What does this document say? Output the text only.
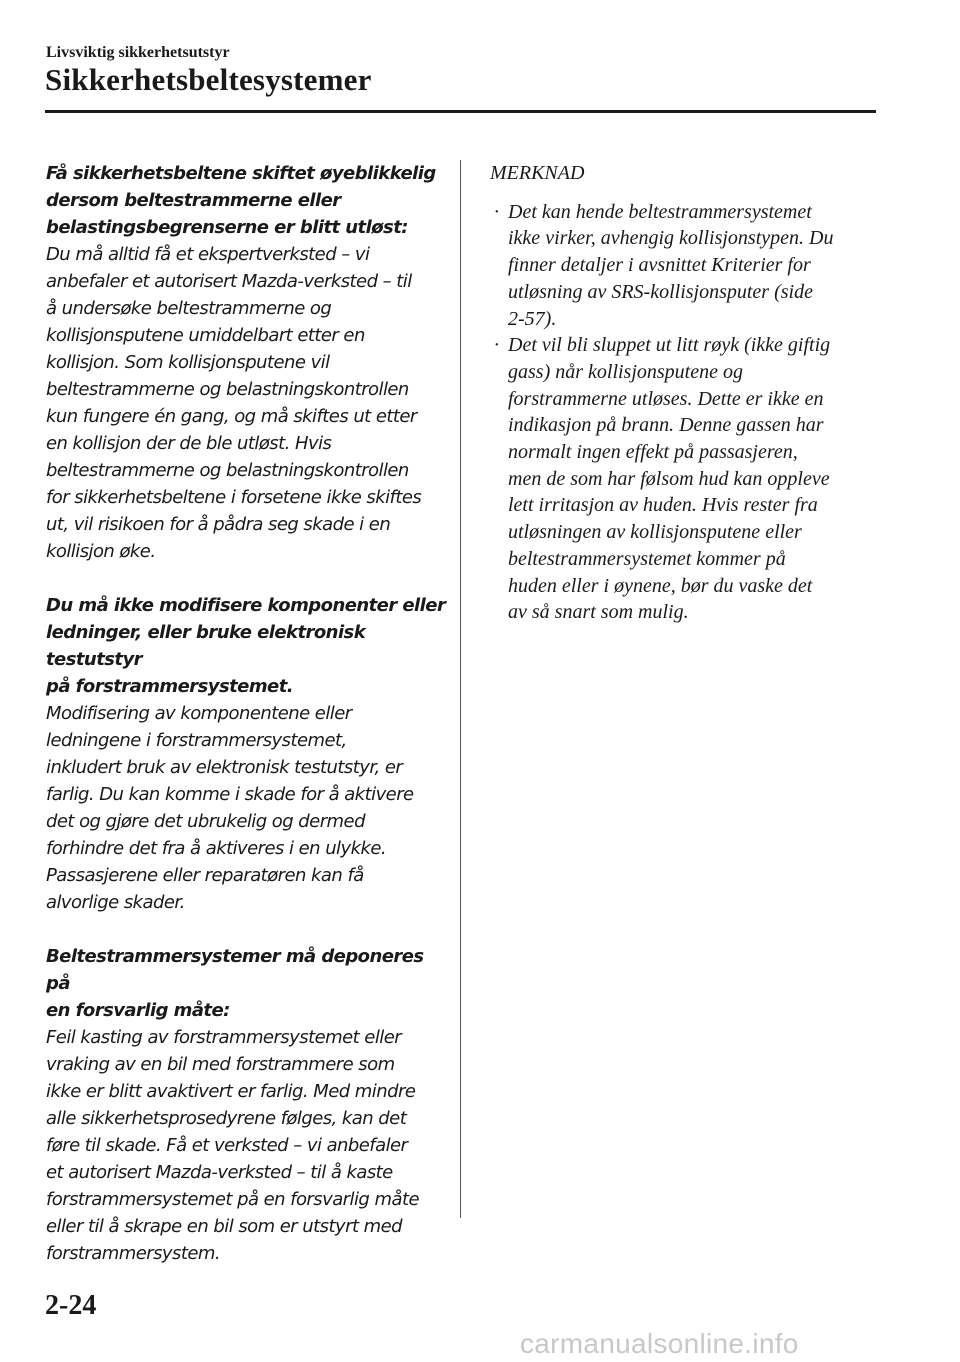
Livsviktig sikkerhetsutstyr
Sikkerhetsbeltesystemer
Få sikkerhetsbeltene skiftet øyeblikkelig
dersom beltestrammerne eller
belastingsbegrenserne er blitt utløst:
Du må alltid få et ekspertverksted – vi
anbefaler et autorisert Mazda-verksted – til
å undersøke beltestrammerne og
kollisjonsputene umiddelbart etter en
kollisjon. Som kollisjonsputene vil
beltestrammerne og belastningskontrollen
kun fungere én gang, og må skiftes ut etter
en kollisjon der de ble utløst. Hvis
beltestrammerne og belastningskontrollen
for sikkerhetsbeltene i forsetene ikke skiftes
ut, vil risikoen for å pådra seg skade i en
kollisjon øke.
Du må ikke modifisere komponenter eller
ledninger, eller bruke elektronisk testutstyr
på forstrammersystemet.
Modifisering av komponentene eller
ledningene i forstrammersystemet,
inkludert bruk av elektronisk testutstyr, er
farlig. Du kan komme i skade for å aktivere
det og gjøre det ubrukelig og dermed
forhindre det fra å aktiveres i en ulykke.
Passasjerene eller reparatøren kan få
alvorlige skader.
Beltestrammersystemer må deponeres på
en forsvarlig måte:
Feil kasting av forstrammersystemet eller
vraking av en bil med forstrammere som
ikke er blitt avaktivert er farlig. Med mindre
alle sikkerhetsprosedyrene følges, kan det
føre til skade. Få et verksted – vi anbefaler
et autorisert Mazda-verksted – til å kaste
forstrammersystemet på en forsvarlig måte
eller til å skrape en bil som er utstyrt med
forstrammersystem.
MERKNAD
· Det kan hende beltestrammersystemet
ikke virker, avhengig kollisjonstypen. Du
finner detaljer i avsnittet Kriterier for
utløsning av SRS-kollisjonsputer (side
2-57).
· Det vil bli sluppet ut litt røyk (ikke giftig
gass) når kollisjonsputene og
forstrammerne utløses. Dette er ikke en
indikasjon på brann. Denne gassen har
normalt ingen effekt på passasjeren,
men de som har følsom hud kan oppleve
lett irritasjon av huden. Hvis rester fra
utløsningen av kollisjonsputene eller
beltestrammersystemet kommer på
huden eller i øynene, bør du vaske det
av så snart som mulig.
2-24
carmanualsonline.info
